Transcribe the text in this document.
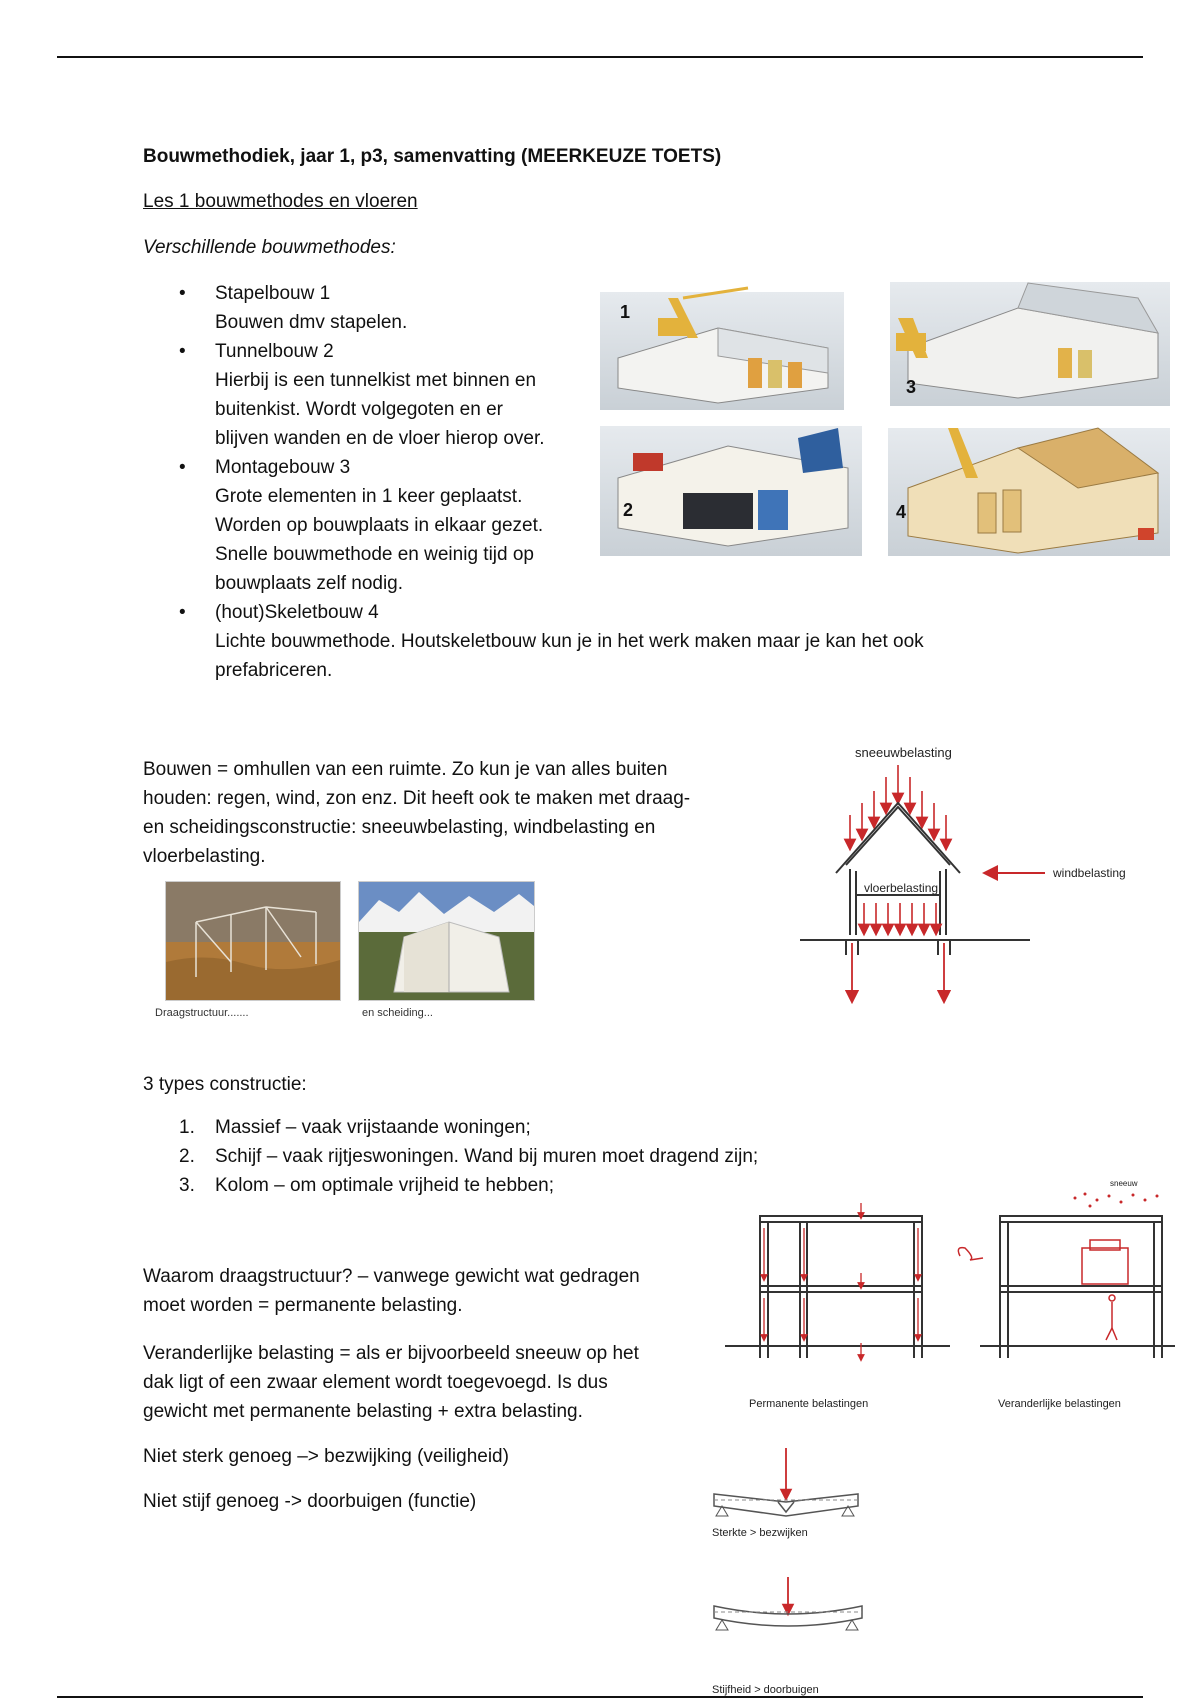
Bouwmethodiek, jaar 1, p3, samenvatting (MEERKEUZE TOETS)
Les 1 bouwmethodes en vloeren
Verschillende bouwmethodes:
• Stapelbouw 1
Bouwen dmv stapelen.
• Tunnelbouw 2
Hierbij is een tunnelkist met binnen en
buitenkist. Wordt volgegoten en er
blijven wanden en de vloer hierop over.
• Montagebouw 3
Grote elementen in 1 keer geplaatst.
Worden op bouwplaats in elkaar gezet.
Snelle bouwmethode en weinig tijd op
bouwplaats zelf nodig.
• (hout)Skeletbouw 4
Lichte bouwmethode. Houtskeletbouw kun je in het werk maken maar je kan het ook
prefabriceren.
1
3
2	4
Bouwen = omhullen van een ruimte. Zo kun je van alles buiten
houden: regen, wind, zon enz. Dit heeft ook te maken met draag-
en scheidingsconstructie: sneeuwbelasting, windbelasting en
vloerbelasting.
Draagstructuur.......	en scheiding...
sneeuwbelasting
vloerbelasting
windbelasting
3 types constructie:
1. Massief – vaak vrijstaande woningen;
2. Schijf – vaak rijtjeswoningen. Wand bij muren moet dragend zijn;
3. Kolom – om optimale vrijheid te hebben;
Waarom draagstructuur? – vanwege gewicht wat gedragen
moet worden = permanente belasting.
Veranderlijke belasting = als er bijvoorbeeld sneeuw op het
dak ligt of een zwaar element wordt toegevoegd. Is dus
gewicht met permanente belasting + extra belasting.
Niet sterk genoeg –> bezwijking (veiligheid)
Niet stijf genoeg -> doorbuigen (functie)
Permanente belastingen
sneeuw
Veranderlijke belastingen
Sterkte > bezwijken
Stijfheid > doorbuigen
